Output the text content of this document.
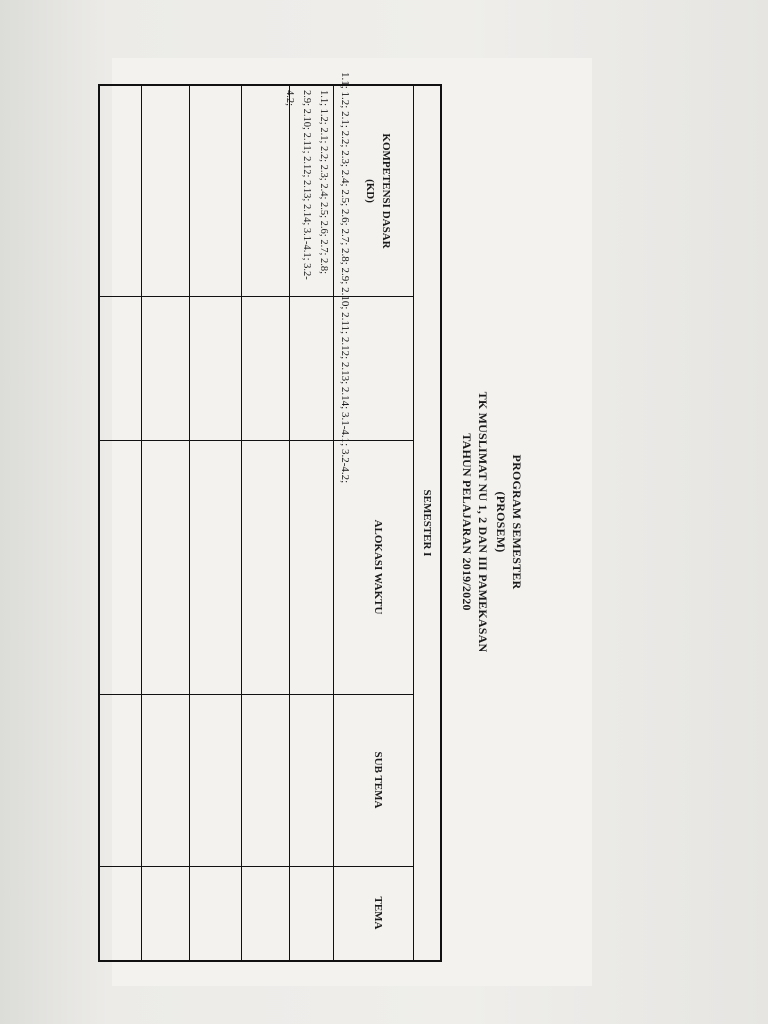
PROGRAM SEMESTER
(PROSEM)
TK MUSLIMAT NU 1, 2 DAN III PAMEKASAN
TAHUN PELAJARAN 2019/2020
SEMESTER I
KOMPETENSI DASAR
(KD)
ALOKASI WAKTU
SUB TEMA
TEMA
1.1; 1.2; 2.1; 2.2; 2.3; 2.4; 2.5; 2.6; 2.7; 2.8; 2.9; 2.10; 2.11; 2.12; 2.13; 2.14; 3.1-4.1; 3.2-4.2;	1.1; 1.2; 2.1; 2.2; 2.3; 2.4; 2.5; 2.6; 2.7; 2.8; 2.9; 2.10; 2.11; 2.12; 2.13; 2.14; 3.1-4.1; 3.2-4.2;
